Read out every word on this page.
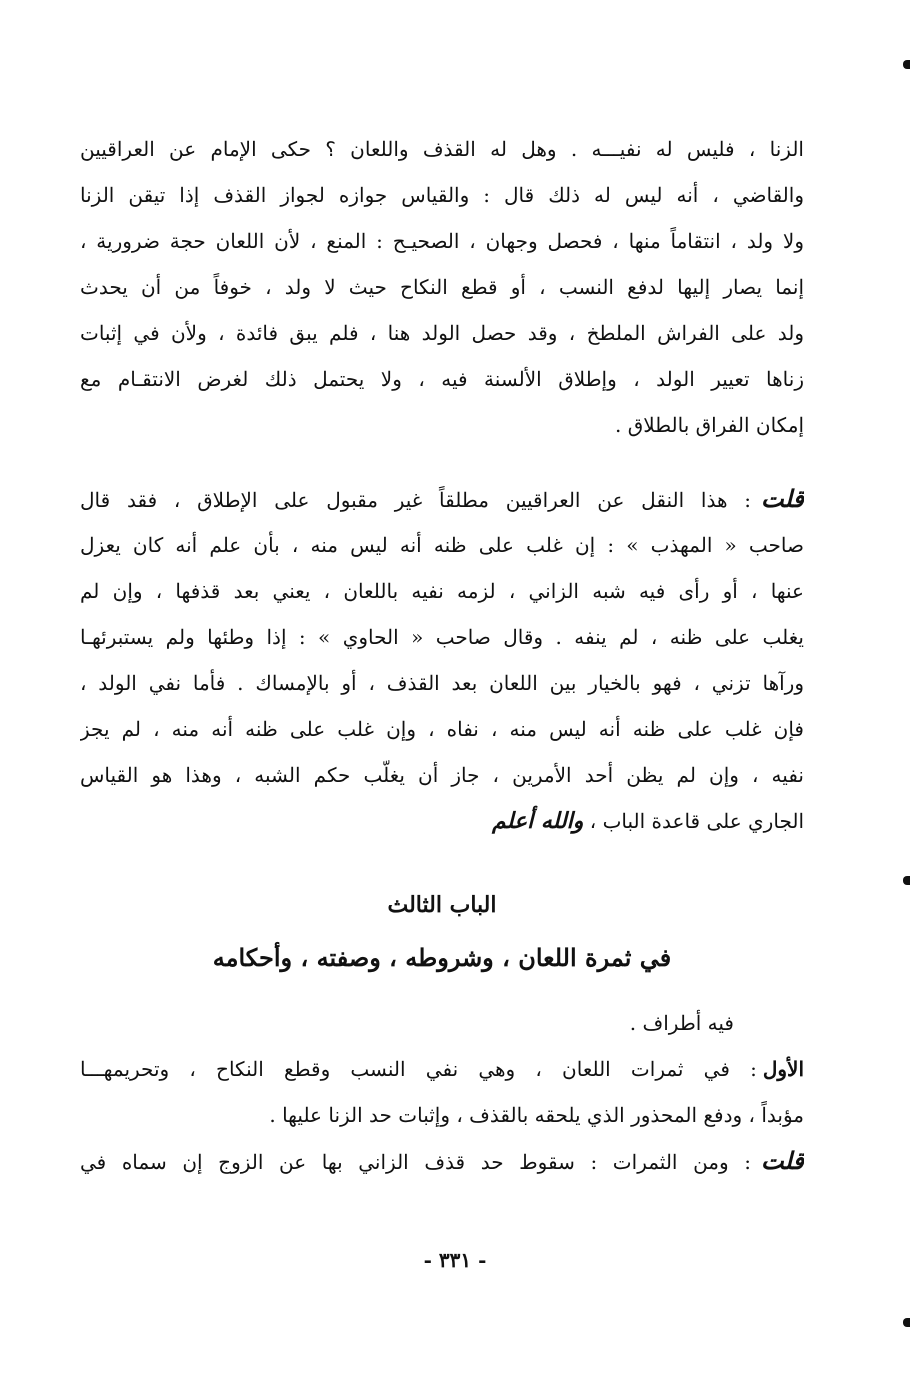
الزنا ، فليس له نفيـــه . وهل له القذف واللعان ؟ حكى الإمام عن العراقيين
والقاضي ، أنه ليس له ذلك قال : والقياس جوازه لجواز القذف إذا تيقن الزنا
ولا ولد ، انتقاماً منها ، فحصل وجهان ، الصحيـح : المنع ، لأن اللعان حجة ضرورية ،
إنما يصار إليها لدفع النسب ، أو قطع النكاح حيث لا ولد ، خوفاً من أن يحدث
ولد على الفراش الملطخ ، وقد حصل الولد هنا ، فلم يبق فائدة ، ولأن في إثبات
زناها تعيير الولد ، وإطلاق الألسنة فيه ، ولا يحتمل ذلك لغرض الانتقـام مع
إمكان الفراق بالطلاق .
قلت: هذا النقل عن العراقيين مطلقاً غير مقبول على الإطلاق ، فقد قال
صاحب « المهذب » : إن غلب على ظنه أنه ليس منه ، بأن علم أنه كان يعزل
عنها ، أو رأى فيه شبه الزاني ، لزمه نفيه باللعان ، يعني بعد قذفها ، وإن لم
يغلب على ظنه ، لم ينفه . وقال صاحب « الحاوي » : إذا وطئها ولم يستبرئهـا
ورآها تزني ، فهو بالخيار بين اللعان بعد القذف ، أو بالإمساك . فأما نفي الولد ،
فإن غلب على ظنه أنه ليس منه ، نفاه ، وإن غلب على ظنه أنه منه ، لم يجز
نفيه ، وإن لم يظن أحد الأمرين ، جاز أن يغلّب حكم الشبه ، وهذا هو القياس
الجاري على قاعدة الباب ، والله أعلم
الباب الثالث
في ثمرة اللعان ، وشروطه ، وصفته ، وأحكامه
فيه أطراف .
الأول: في ثمرات اللعان ، وهي نفي النسب وقطع النكاح ، وتحريمهـــا
مؤبداً ، ودفع المحذور الذي يلحقه بالقذف ، وإثبات حد الزنا عليها .
قلت: ومن الثمرات : سقوط حد قذف الزاني بها عن الزوج إن سماه في
- ٣٣١ -
